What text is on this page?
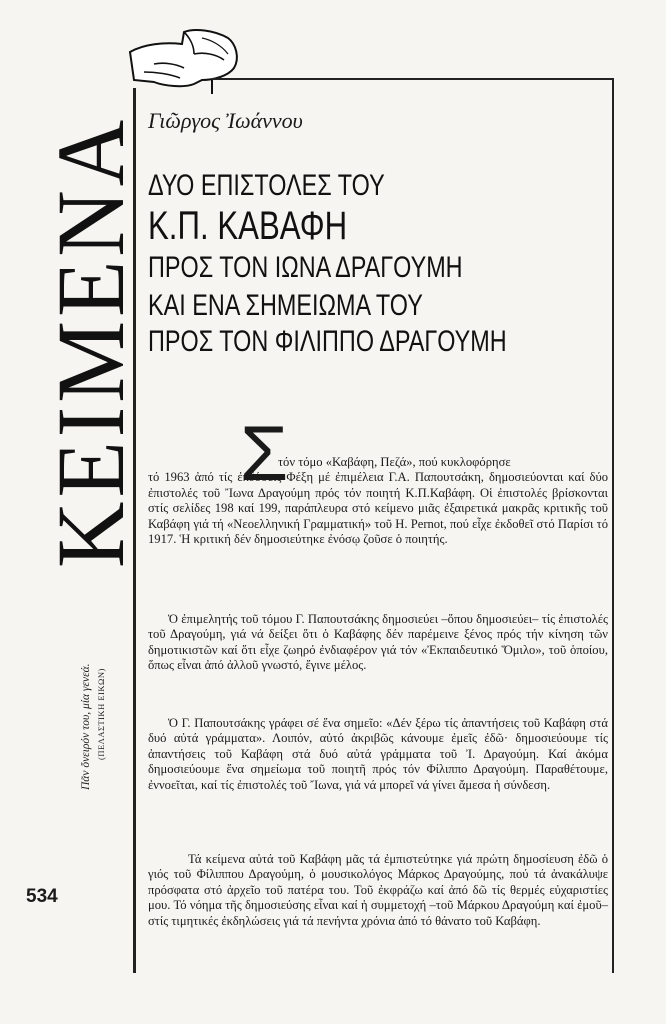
ΚΕΙΜΕΝΑ
Πᾶν ὄνειρόν του, μία γενεά. (ΠΕΛΑΣΤΙΚΗ ΕΙΚΩΝ)
534
Γιῶργος Ἰωάννου
ΔΥΟ ΕΠΙΣΤΟΛΕΣ ΤΟΥ
Κ.Π. ΚΑΒΑΦΗ
ΠΡΟΣ ΤΟΝ ΙΩΝΑ ΔΡΑΓΟΥΜΗ
ΚΑΙ ΕΝΑ ΣΗΜΕΙΩΜΑ ΤΟΥ
ΠΡΟΣ ΤΟΝ ΦΙΛΙΠΠΟ ΔΡΑΓΟΥΜΗ
Σ
τόν τόμο «Καβάφη, Πεζά», πού κυκλοφόρησε
τό 1963 ἀπό τίς ἐκδόσεις Φέξη μέ ἐπιμέλεια Γ.Α. Παπουτσάκη, δημοσιεύονται καί δύο ἐπιστολές τοῦ Ἴωνα Δραγούμη πρός τόν ποιητή Κ.Π.Καβάφη. Οἱ ἐπιστολές βρίσκονται στίς σελίδες 198 καί 199, παράπλευρα στό κείμενο μιᾶς ἐξαιρετικά μακρᾶς κριτικῆς τοῦ Καβάφη γιά τή «Νεοελληνική Γραμματική» τοῦ Η. Pernot, πού εἶχε ἐκδοθεῖ στό Παρίσι τό 1917. Ἡ κριτική δέν δημοσιεύτηκε ἐνόσῳ ζοῦσε ὁ ποιητής.
Ὁ ἐπιμελητής τοῦ τόμου Γ. Παπουτσάκης δημοσιεύει –ὅπου δημοσιεύει– τίς ἐπιστολές τοῦ Δραγούμη, γιά νά δείξει ὅτι ὁ Καβάφης δέν παρέμεινε ξένος πρός τήν κίνηση τῶν δημοτικιστῶν καί ὅτι εἶχε ζωηρό ἐνδιαφέρον γιά τόν «Ἐκπαιδευτικό Ὅμιλο», τοῦ ὁποίου, ὅπως εἶναι ἀπό ἀλλοῦ γνωστό, ἔγινε μέλος.
Ὁ Γ. Παπουτσάκης γράφει σέ ἕνα σημεῖο: «Δέν ξέρω τίς ἀπαντήσεις τοῦ Καβάφη στά δυό αὐτά γράμματα». Λοιπόν, αὐτό ἀκριβῶς κάνουμε ἐμεῖς ἐδῶ· δημοσιεύουμε τίς ἀπαντήσεις τοῦ Καβάφη στά δυό αὐτά γράμματα τοῦ Ἰ. Δραγούμη. Καί ἀκόμα δημοσιεύουμε ἕνα σημείωμα τοῦ ποιητῆ πρός τόν Φίλιππο Δραγούμη. Παραθέτουμε, ἐννοεῖται, καί τίς ἐπιστολές τοῦ Ἴωνα, γιά νά μπορεῖ νά γίνει ἄμεσα ἡ σύνδεση.
Τά κείμενα αὐτά τοῦ Καβάφη μᾶς τά ἐμπιστεύτηκε γιά πρώτη δημοσίευση ἐδῶ ὁ γιός τοῦ Φίλιππου Δραγούμη, ὁ μουσικολόγος Μάρκος Δραγούμης, πού τά ἀνακάλυψε πρόσφατα στό ἀρχεῖο τοῦ πατέρα του. Τοῦ ἐκφράζω καί ἀπό δῶ τίς θερμές εὐχαριστίες μου. Τό νόημα τῆς δημοσιεύσης εἶναι καί ἡ συμμετοχή –τοῦ Μάρκου Δραγούμη καί ἐμοῦ– στίς τιμητικές ἐκδηλώσεις γιά τά πενήντα χρόνια ἀπό τό θάνατο τοῦ Καβάφη.
